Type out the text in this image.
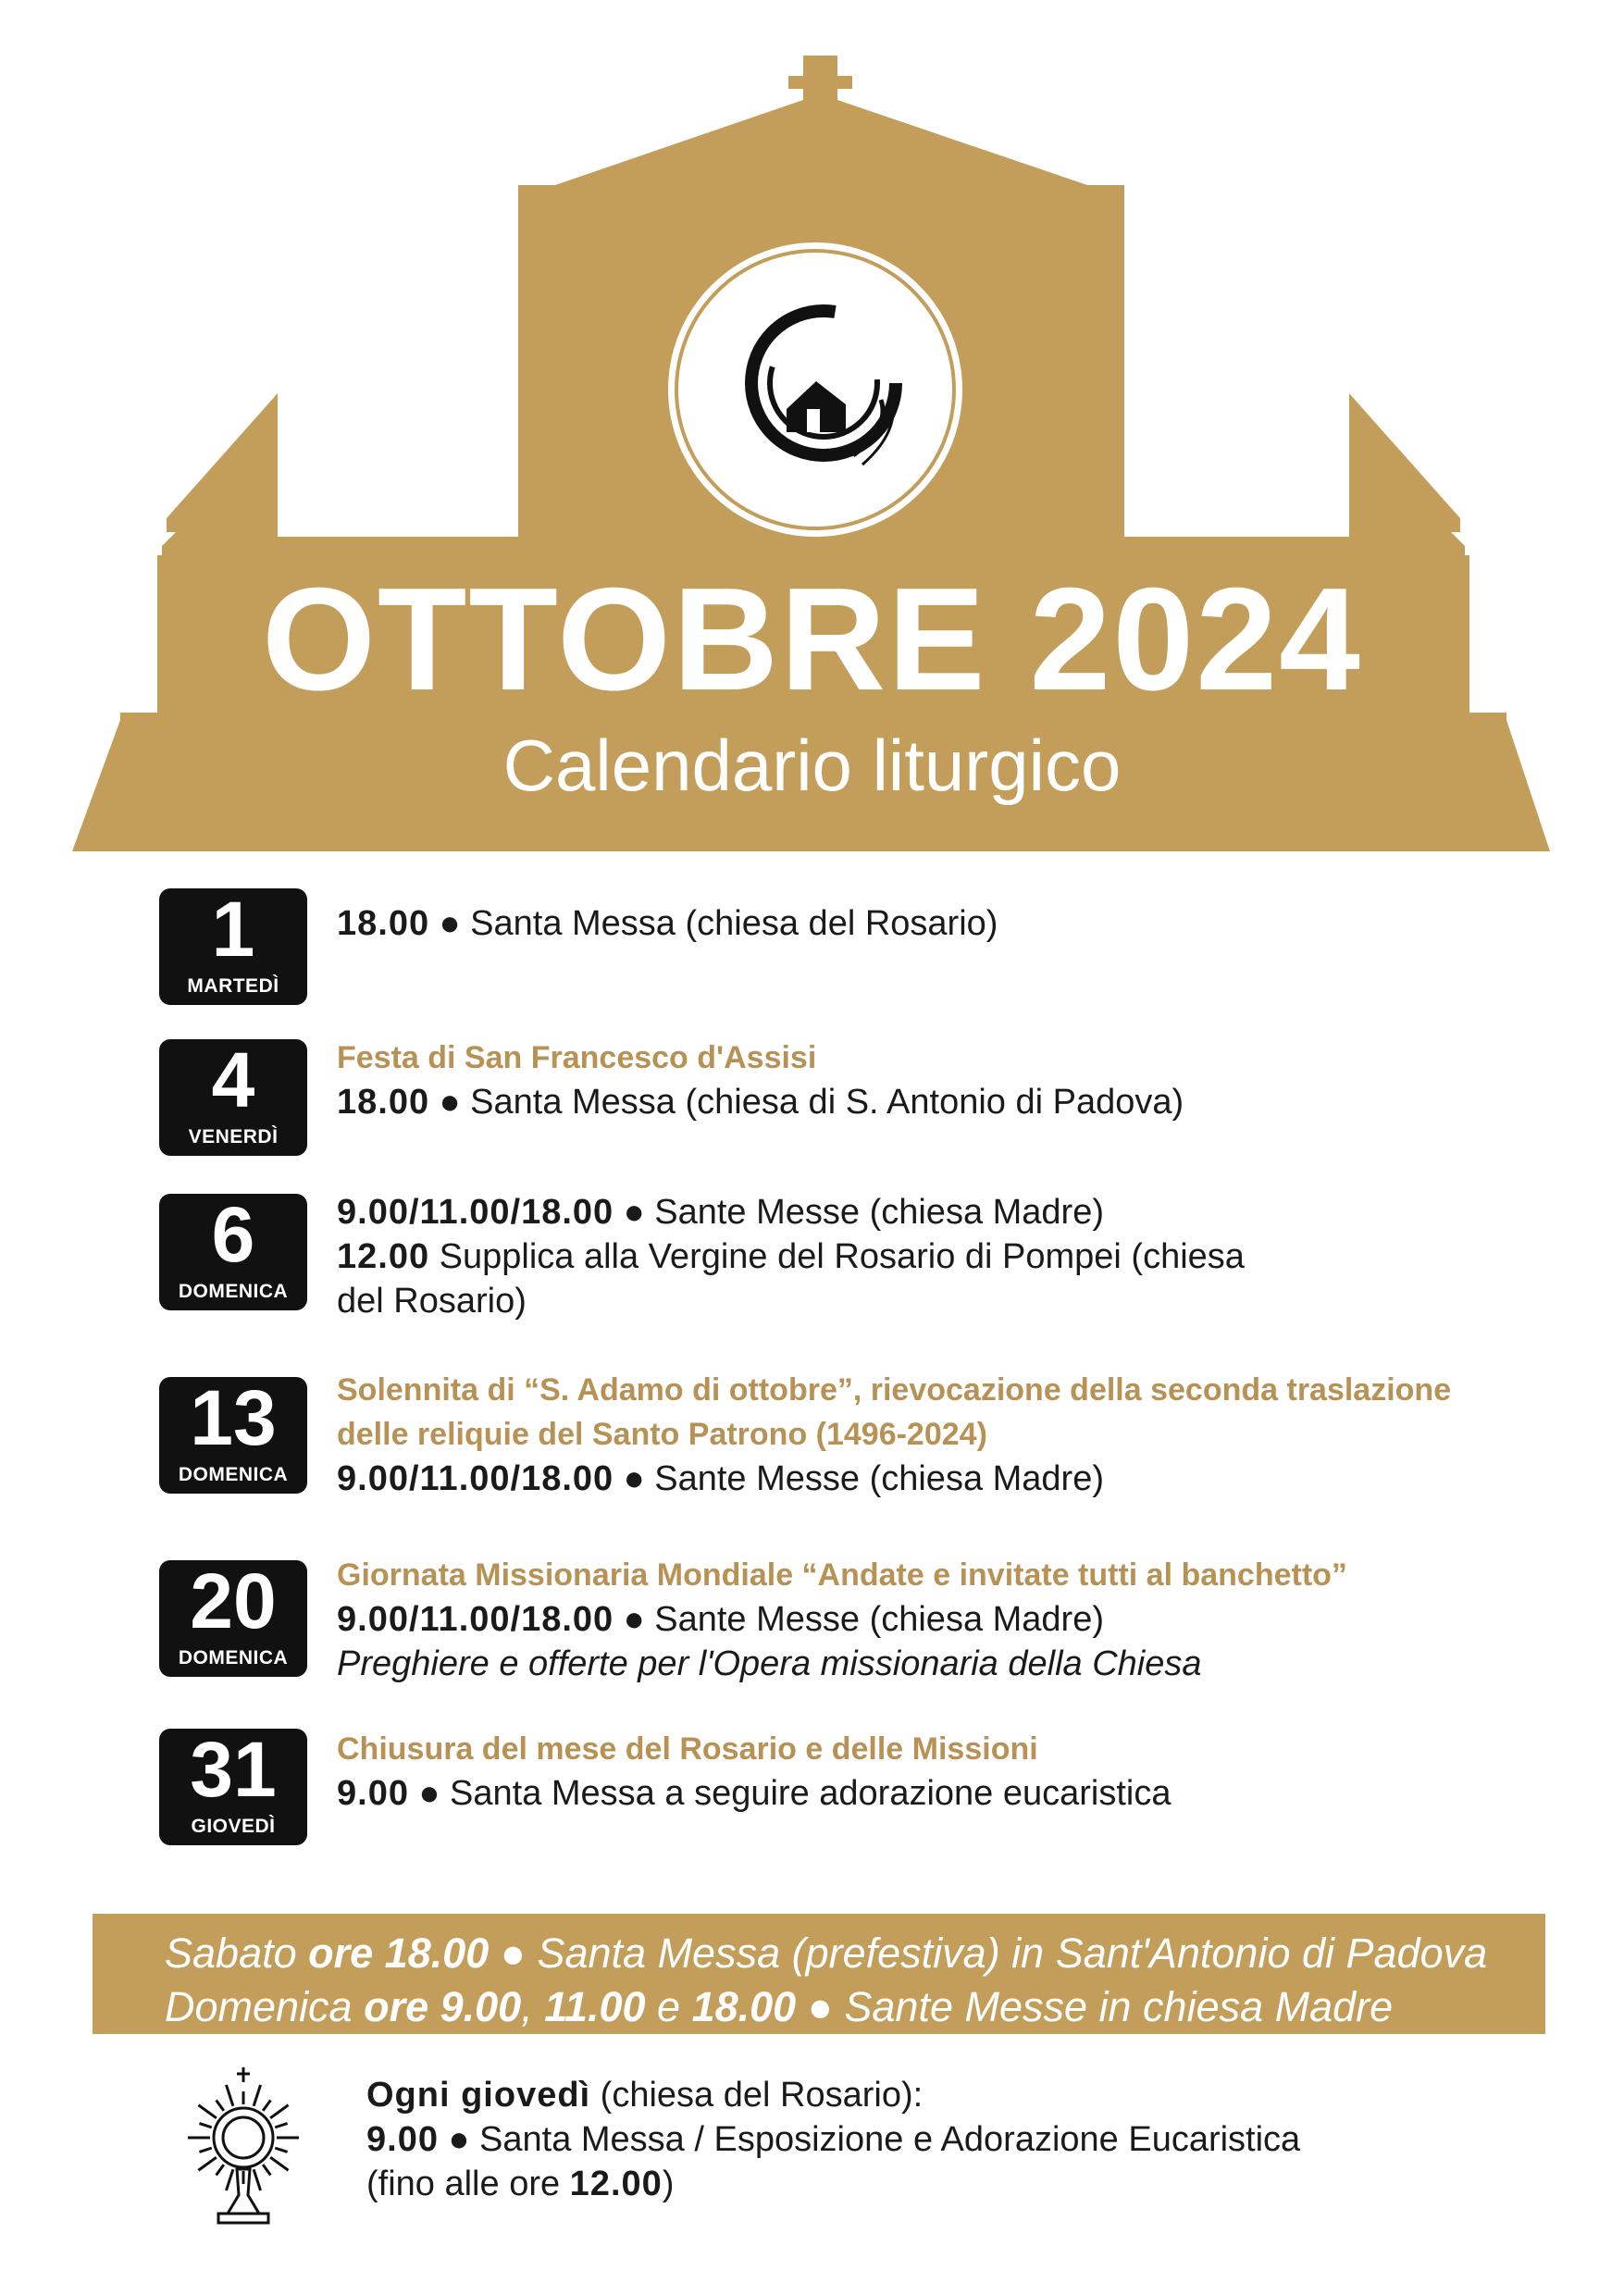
OTTOBRE 2024
Calendario liturgico
1
MARTEDÌ
18.00 ● Santa Messa (chiesa del Rosario)
4
VENERDÌ
Festa di San Francesco d'Assisi
18.00 ● Santa Messa (chiesa di S. Antonio di Padova)
6
DOMENICA
9.00/11.00/18.00 ● Sante Messe (chiesa Madre)
12.00 Supplica alla Vergine del Rosario di Pompei (chiesa
del Rosario)
13
DOMENICA
Solennita di “S. Adamo di ottobre”, rievocazione della seconda traslazione
delle reliquie del Santo Patrono (1496-2024)
9.00/11.00/18.00 ● Sante Messe (chiesa Madre)
20
DOMENICA
Giornata Missionaria Mondiale “Andate e invitate tutti al banchetto”
9.00/11.00/18.00 ● Sante Messe (chiesa Madre)
Preghiere e offerte per l'Opera missionaria della Chiesa
31
GIOVEDÌ
Chiusura del mese del Rosario e delle Missioni
9.00 ● Santa Messa a seguire adorazione eucaristica
Sabato ore 18.00 ● Santa Messa (prefestiva) in Sant'Antonio di Padova
Domenica ore 9.00, 11.00 e 18.00 ● Sante Messe in chiesa Madre
Ogni giovedì (chiesa del Rosario):
9.00 ● Santa Messa / Esposizione e Adorazione Eucaristica
(fino alle ore 12.00)
